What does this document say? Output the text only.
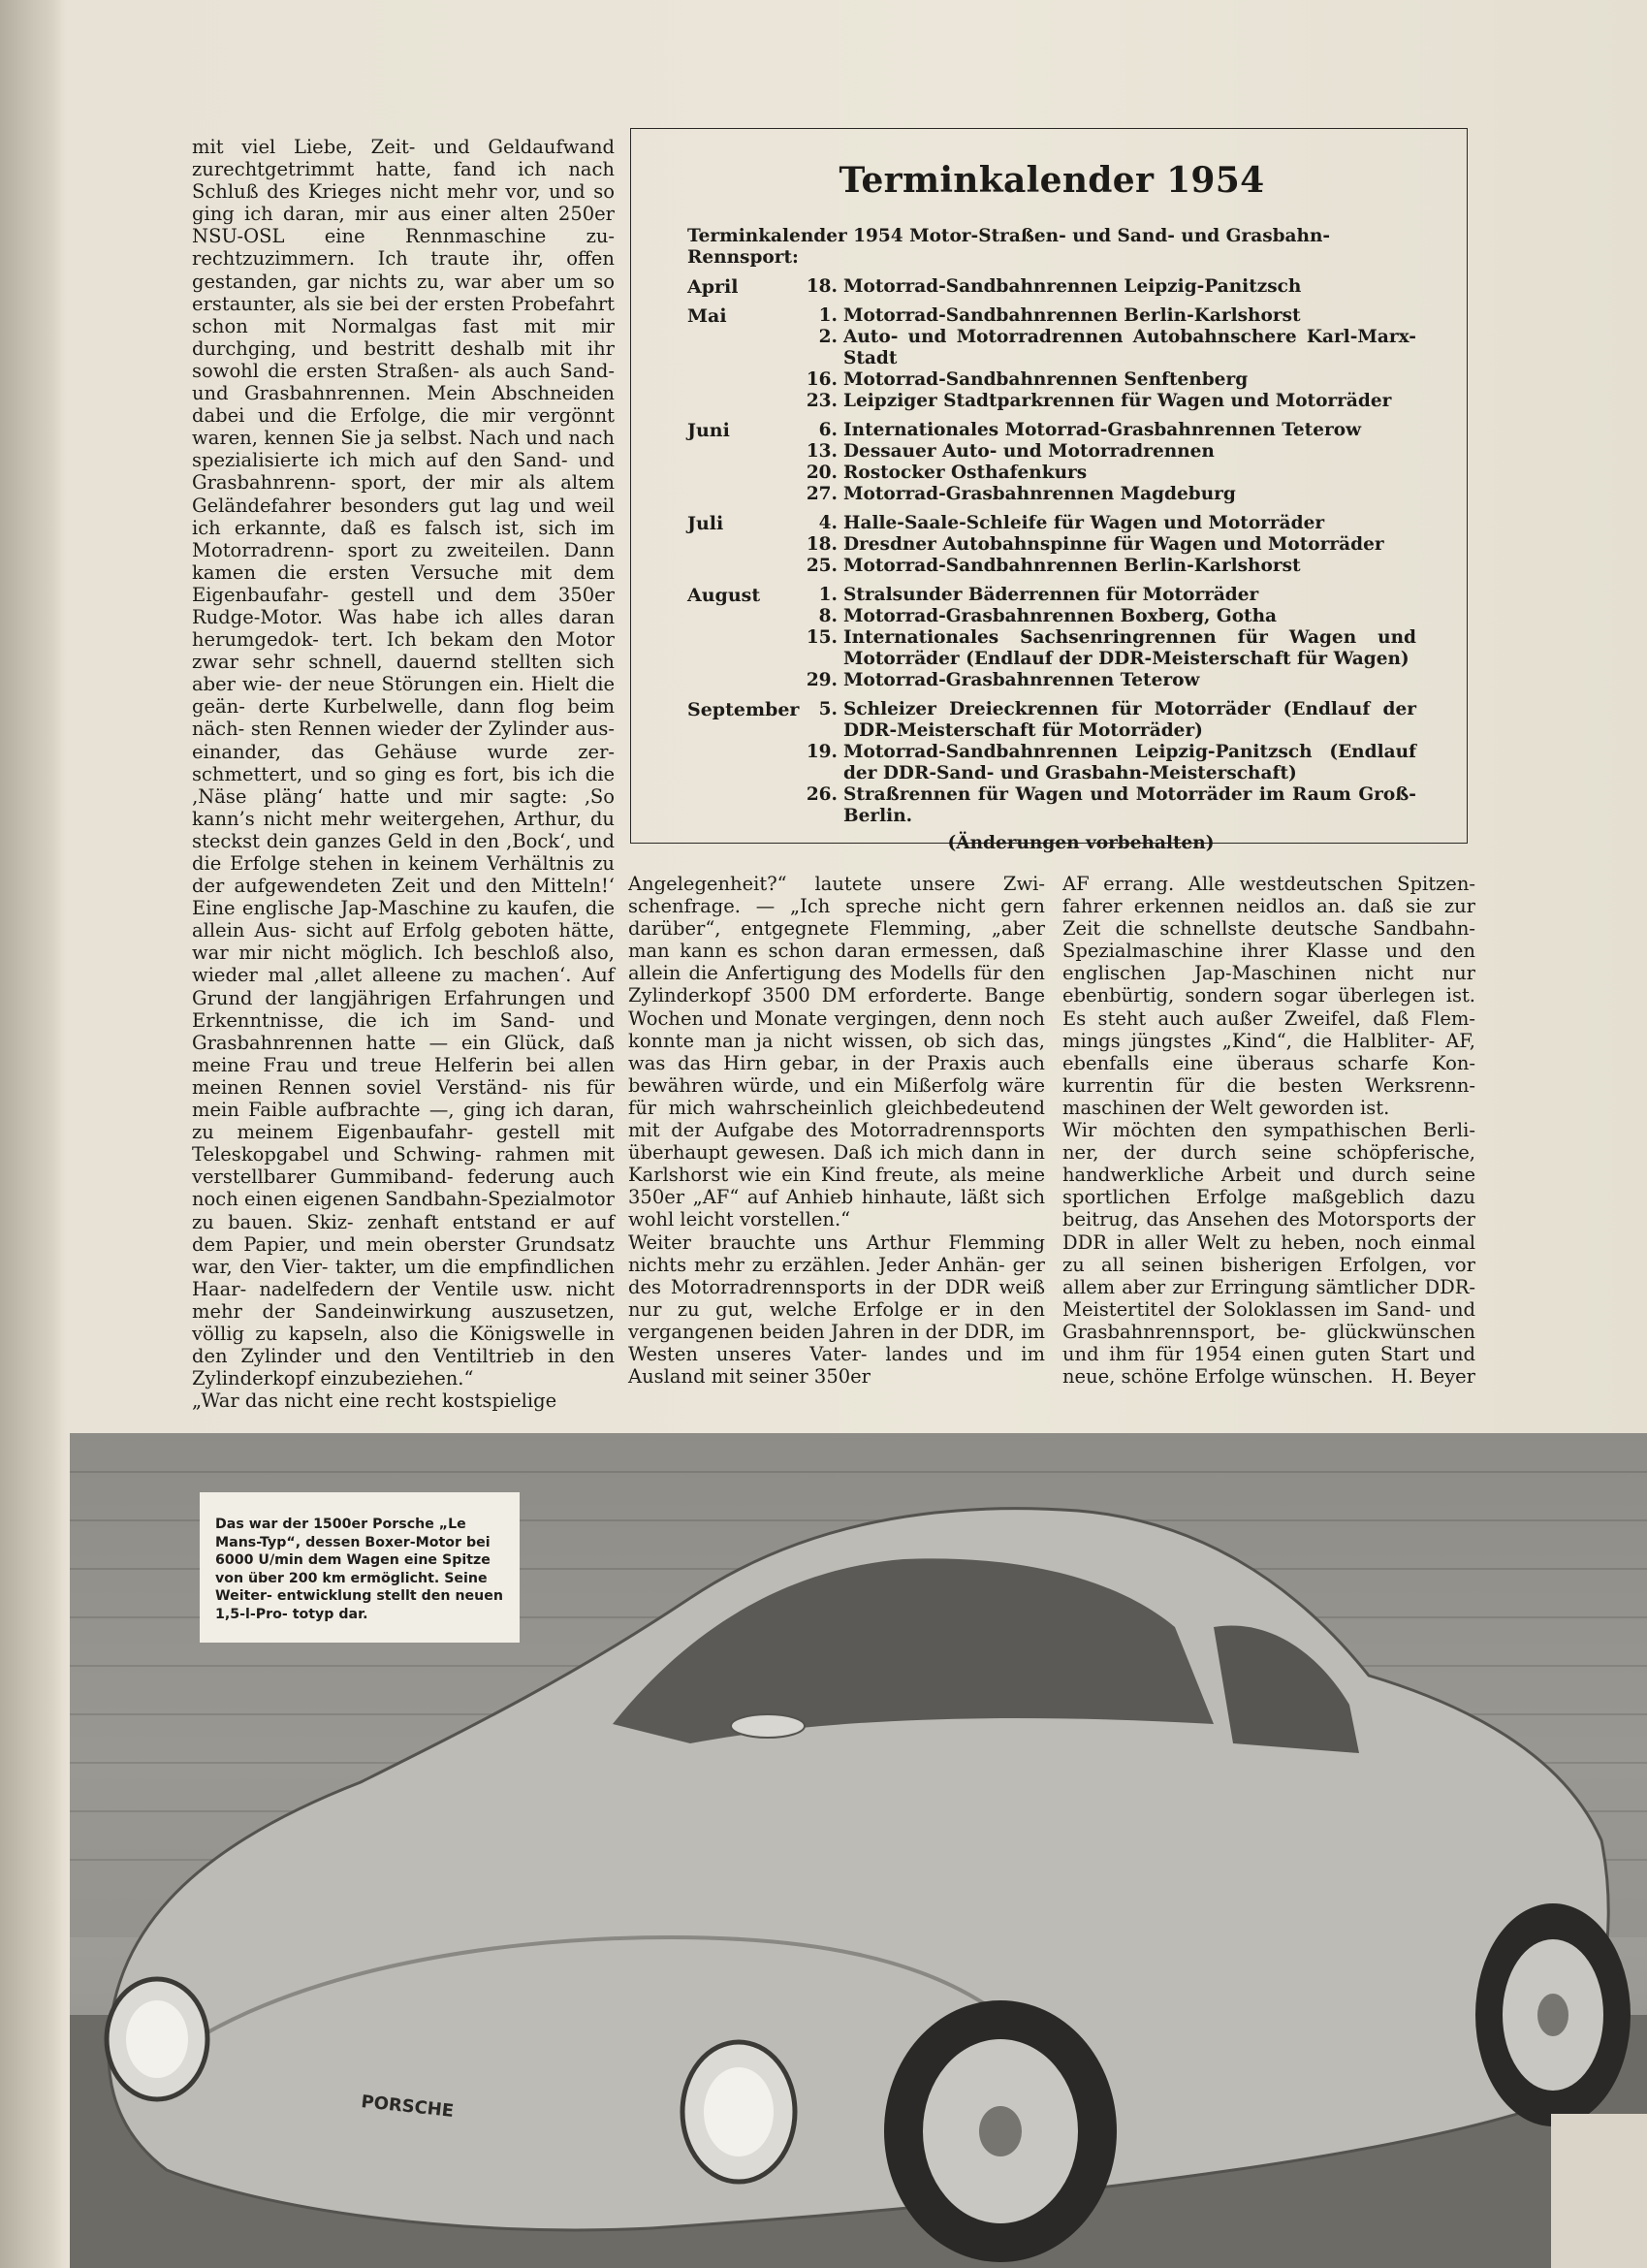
mit viel Liebe, Zeit- und Geldaufwand zurechtgetrimmt hatte, fand ich nach Schluß des Krieges nicht mehr vor, und so ging ich daran, mir aus einer alten 250er NSU-OSL eine Rennmaschine zu- rechtzuzimmern. Ich traute ihr, offen gestanden, gar nichts zu, war aber um so erstaunter, als sie bei der ersten Probefahrt schon mit Normalgas fast mit mir durchging, und bestritt deshalb mit ihr sowohl die ersten Straßen- als auch Sand- und Grasbahnrennen. Mein Abschneiden dabei und die Erfolge, die mir vergönnt waren, kennen Sie ja selbst. Nach und nach spezialisierte ich mich auf den Sand- und Grasbahnrenn- sport, der mir als altem Geländefahrer besonders gut lag und weil ich erkannte, daß es falsch ist, sich im Motorradrenn- sport zu zweiteilen. Dann kamen die ersten Versuche mit dem Eigenbaufahr- gestell und dem 350er Rudge-Motor. Was habe ich alles daran herumgedok- tert. Ich bekam den Motor zwar sehr schnell, dauernd stellten sich aber wie- der neue Störungen ein. Hielt die geän- derte Kurbelwelle, dann flog beim näch- sten Rennen wieder der Zylinder aus- einander, das Gehäuse wurde zer- schmettert, und so ging es fort, bis ich die ‚Näse pläng‘ hatte und mir sagte: ‚So kann’s nicht mehr weitergehen, Arthur, du steckst dein ganzes Geld in den ‚Bock‘, und die Erfolge stehen in keinem Verhältnis zu der aufgewendeten Zeit und den Mitteln!‘ Eine englische Jap-Maschine zu kaufen, die allein Aus- sicht auf Erfolg geboten hätte, war mir nicht möglich. Ich beschloß also, wieder mal ‚allet alleene zu machen‘. Auf Grund der langjährigen Erfahrungen und Erkenntnisse, die ich im Sand- und Grasbahnrennen hatte — ein Glück, daß meine Frau und treue Helferin bei allen meinen Rennen soviel Verständ- nis für mein Faible aufbrachte —, ging ich daran, zu meinem Eigenbaufahr- gestell mit Teleskopgabel und Schwing- rahmen mit verstellbarer Gummiband- federung auch noch einen eigenen Sandbahn-Spezialmotor zu bauen. Skiz- zenhaft entstand er auf dem Papier, und mein oberster Grundsatz war, den Vier- takter, um die empfindlichen Haar- nadelfedern der Ventile usw. nicht mehr der Sandeinwirkung auszusetzen, völlig zu kapseln, also die Königswelle in den Zylinder und den Ventiltrieb in den Zylinderkopf einzubeziehen.“

„War das nicht eine recht kostspielige

Terminkalender 1954
Terminkalender 1954 Motor-Straßen- und Sand- und Grasbahn- Rennsport:
April	18. Motorrad-Sandbahnrennen Leipzig-Panitzsch
Mai	1. Motorrad-Sandbahnrennen Berlin-Karlshorst
2. Auto- und Motorradrennen Autobahnschere Karl-Marx-Stadt
16. Motorrad-Sandbahnrennen Senftenberg
23. Leipziger Stadtparkrennen für Wagen und Motorräder
Juni	6. Internationales Motorrad-Grasbahnrennen Teterow
13. Dessauer Auto- und Motorradrennen
20. Rostocker Osthafenkurs
27. Motorrad-Grasbahnrennen Magdeburg
Juli	4. Halle-Saale-Schleife für Wagen und Motorräder
18. Dresdner Autobahnspinne für Wagen und Motorräder
25. Motorrad-Sandbahnrennen Berlin-Karlshorst
August	1. Stralsunder Bäderrennen für Motorräder
8. Motorrad-Grasbahnrennen Boxberg, Gotha
15. Internationales Sachsenringrennen für Wagen und Motorräder (Endlauf der DDR-Meisterschaft für Wagen)
29. Motorrad-Grasbahnrennen Teterow
September	5. Schleizer Dreieckrennen für Motorräder (Endlauf der DDR-Meisterschaft für Motorräder)
19. Motorrad-Sandbahnrennen Leipzig-Panitzsch (Endlauf der DDR-Sand- und Grasbahn-Meisterschaft)
26. Straßrennen für Wagen und Motorräder im Raum Groß-Berlin.
(Änderungen vorbehalten)

Angelegenheit?“ lautete unsere Zwi- schenfrage. — „Ich spreche nicht gern darüber“, entgegnete Flemming, „aber man kann es schon daran ermessen, daß allein die Anfertigung des Modells für den Zylinderkopf 3500 DM erforderte. Bange Wochen und Monate vergingen, denn noch konnte man ja nicht wissen, ob sich das, was das Hirn gebar, in der Praxis auch bewähren würde, und ein Mißerfolg wäre für mich wahrscheinlich gleichbedeutend mit der Aufgabe des Motorradrennsports überhaupt gewesen. Daß ich mich dann in Karlshorst wie ein Kind freute, als meine 350er „AF“ auf Anhieb hinhaute, läßt sich wohl leicht vorstellen.“

Weiter brauchte uns Arthur Flemming nichts mehr zu erzählen. Jeder Anhän- ger des Motorradrennsports in der DDR weiß nur zu gut, welche Erfolge er in den vergangenen beiden Jahren in der DDR, im Westen unseres Vater- landes und im Ausland mit seiner 350er

AF errang. Alle westdeutschen Spitzen- fahrer erkennen neidlos an. daß sie zur Zeit die schnellste deutsche Sandbahn- Spezialmaschine ihrer Klasse und den englischen Jap-Maschinen nicht nur ebenbürtig, sondern sogar überlegen ist. Es steht auch außer Zweifel, daß Flem- mings jüngstes „Kind“, die Halbliter- AF, ebenfalls eine überaus scharfe Kon- kurrentin für die besten Werksrenn- maschinen der Welt geworden ist.

Wir möchten den sympathischen Berli- ner, der durch seine schöpferische, handwerkliche Arbeit und durch seine sportlichen Erfolge maßgeblich dazu beitrug, das Ansehen des Motorsports der DDR in aller Welt zu heben, noch einmal zu all seinen bisherigen Erfolgen, vor allem aber zur Erringung sämtlicher DDR-Meistertitel der Soloklassen im Sand- und Grasbahnrennsport, be- glückwünschen und ihm für 1954 einen guten Start und neue, schöne Erfolge wünschen. H. Beyer

PORSCHE
Das war der 1500er Porsche „Le Mans-Typ“, dessen Boxer-Motor bei 6000 U/min dem Wagen eine Spitze von über 200 km ermöglicht. Seine Weiter- entwicklung stellt den neuen 1,5-l-Pro- totyp dar.
